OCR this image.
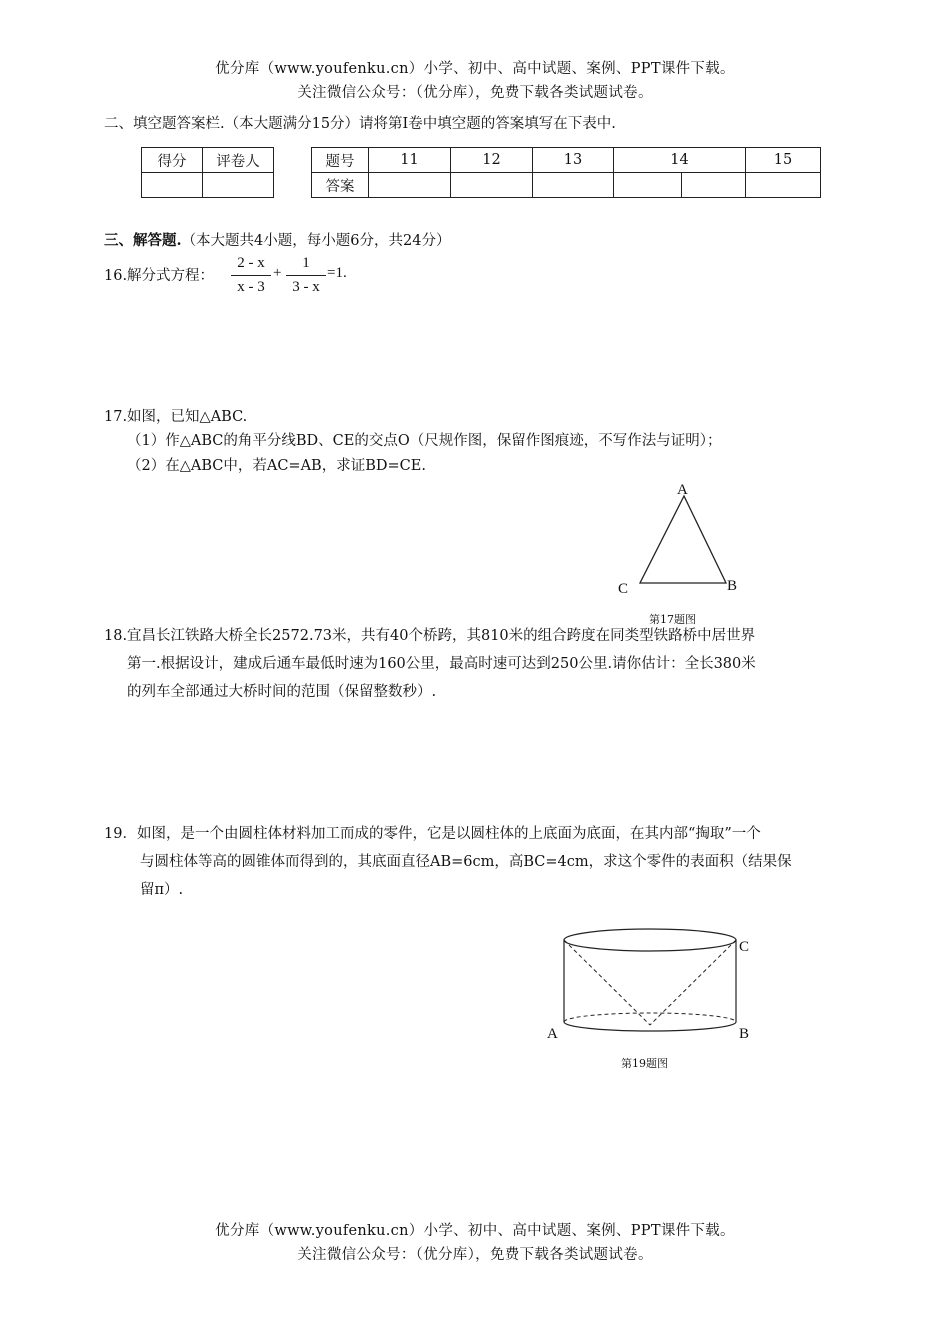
优分库（www.youfenku.cn）小学、初中、高中试题、案例、PPT课件下载。
关注微信公众号：（优分库），免费下载各类试题试卷。
二、填空题答案栏.（本大题满分15分）请将第Ⅰ卷中填空题的答案填写在下表中.
得分	评卷人
		题号	11	12	13	14		15
答案						
三、解答题.（本大题共4小题，每小题6分，共24分）
16.解分式方程：
2 - x
x - 3
+
1
3 - x
=1.
17.如图，已知△ABC.
（1）作△ABC的角平分线BD、CE的交点O（尺规作图，保留作图痕迹，不写作法与证明）；
（2）在△ABC中，若AC=AB，求证BD=CE.
A
B
C
第17题图
18.宜昌长江铁路大桥全长2572.73米，共有40个桥跨，其810米的组合跨度在同类型铁路桥中居世界
第一.根据设计，建成后通车最低时速为160公里，最高时速可达到250公里.请你估计：全长380米
的列车全部通过大桥时间的范围（保留整数秒）.
19．如图，是一个由圆柱体材料加工而成的零件，它是以圆柱体的上底面为底面，在其内部“掏取”一个
与圆柱体等高的圆锥体而得到的，其底面直径AB=6cm，高BC=4cm，求这个零件的表面积（结果保
留π）.
C
A	B
第19题图
优分库（www.youfenku.cn）小学、初中、高中试题、案例、PPT课件下载。
关注微信公众号：（优分库），免费下载各类试题试卷。
